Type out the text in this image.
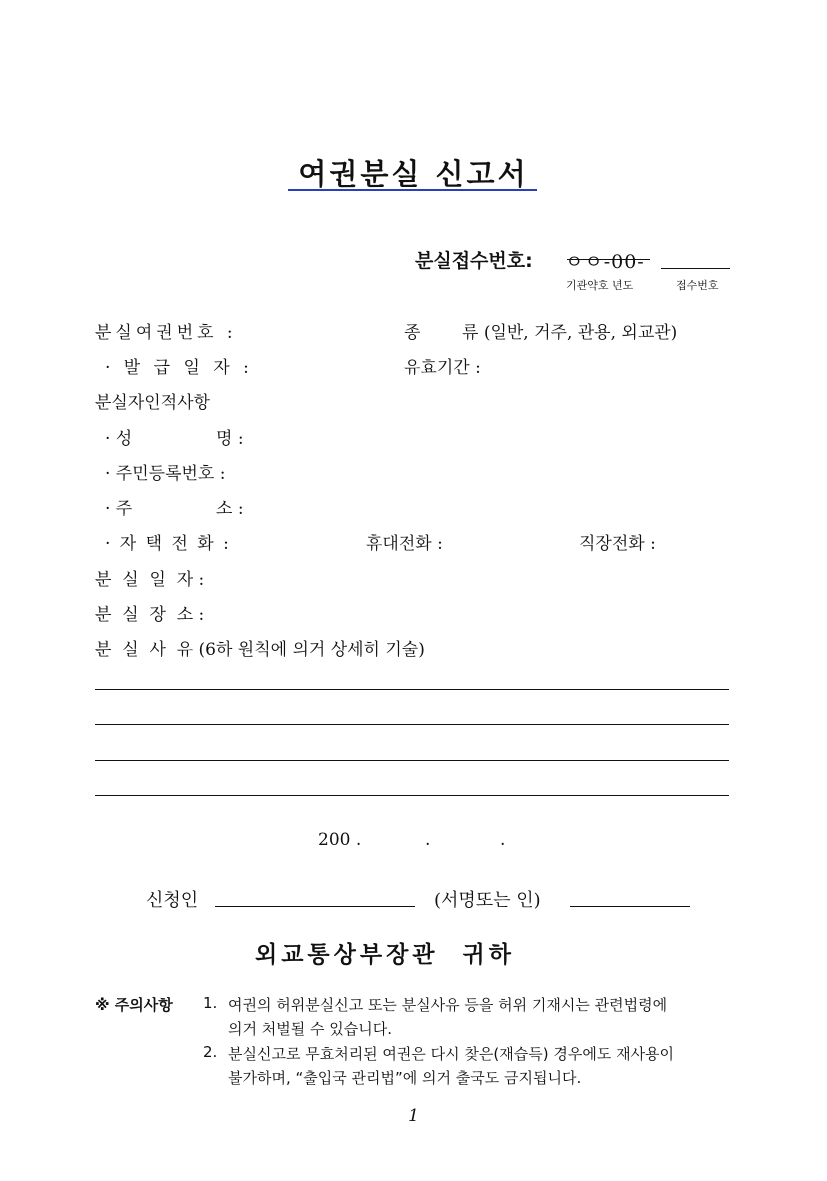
여권분실 신고서
분실접수번호: ㅇㅇ-00-
기관약호 년도	접수번호
분실여권번호 :	종 류 (일반, 거주, 관용, 외교관)
· 발 급 일 자 :	유효기간 :
분실자인적사항
· 성	명 :
· 주민등록번호 :
· 주	소 :
· 자 택 전 화 :	휴대전화 :	직장전화 :
분  실  일  자 :
분  실  장  소 :
분  실  사  유 (6하 원칙에 의거 상세히 기술)
200 .	.	.
신청인	(서명또는 인)
외교통상부장관  귀하
※ 주의사항 1. 여권의 허위분실신고 또는 분실사유 등을 허위 기재시는 관련법령에
의거 처벌될 수 있습니다.
2. 분실신고로 무효처리된 여권은 다시 찾은(재습득) 경우에도 재사용이
불가하며, “출입국 관리법”에 의거 출국도 금지됩니다.
1
